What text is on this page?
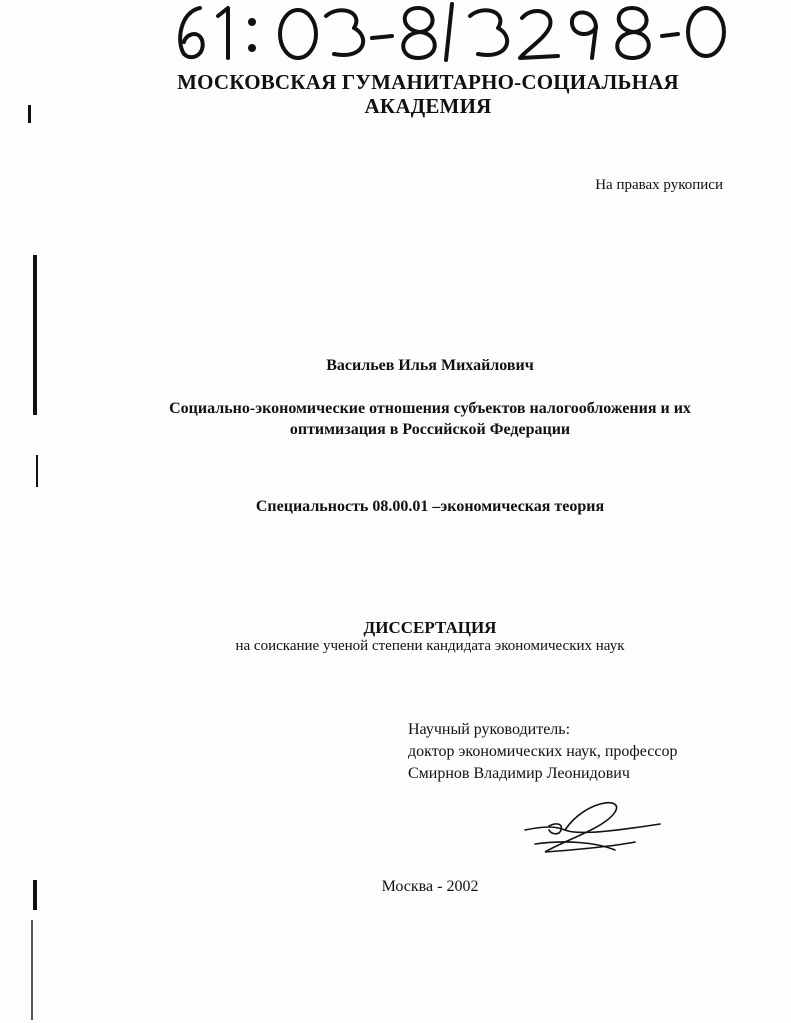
МОСКОВСКАЯ ГУМАНИТАРНО-СОЦИАЛЬНАЯ
АКАДЕМИЯ
На правах рукописи
Васильев Илья Михайлович
Социально-экономические отношения субъектов налогообложения и их
оптимизация в Российской Федерации
Специальность 08.00.01 –экономическая теория
ДИССЕРТАЦИЯ
на соискание ученой степени кандидата экономических наук
Научный руководитель:
доктор экономических наук, профессор
Смирнов Владимир Леонидович
Москва - 2002
